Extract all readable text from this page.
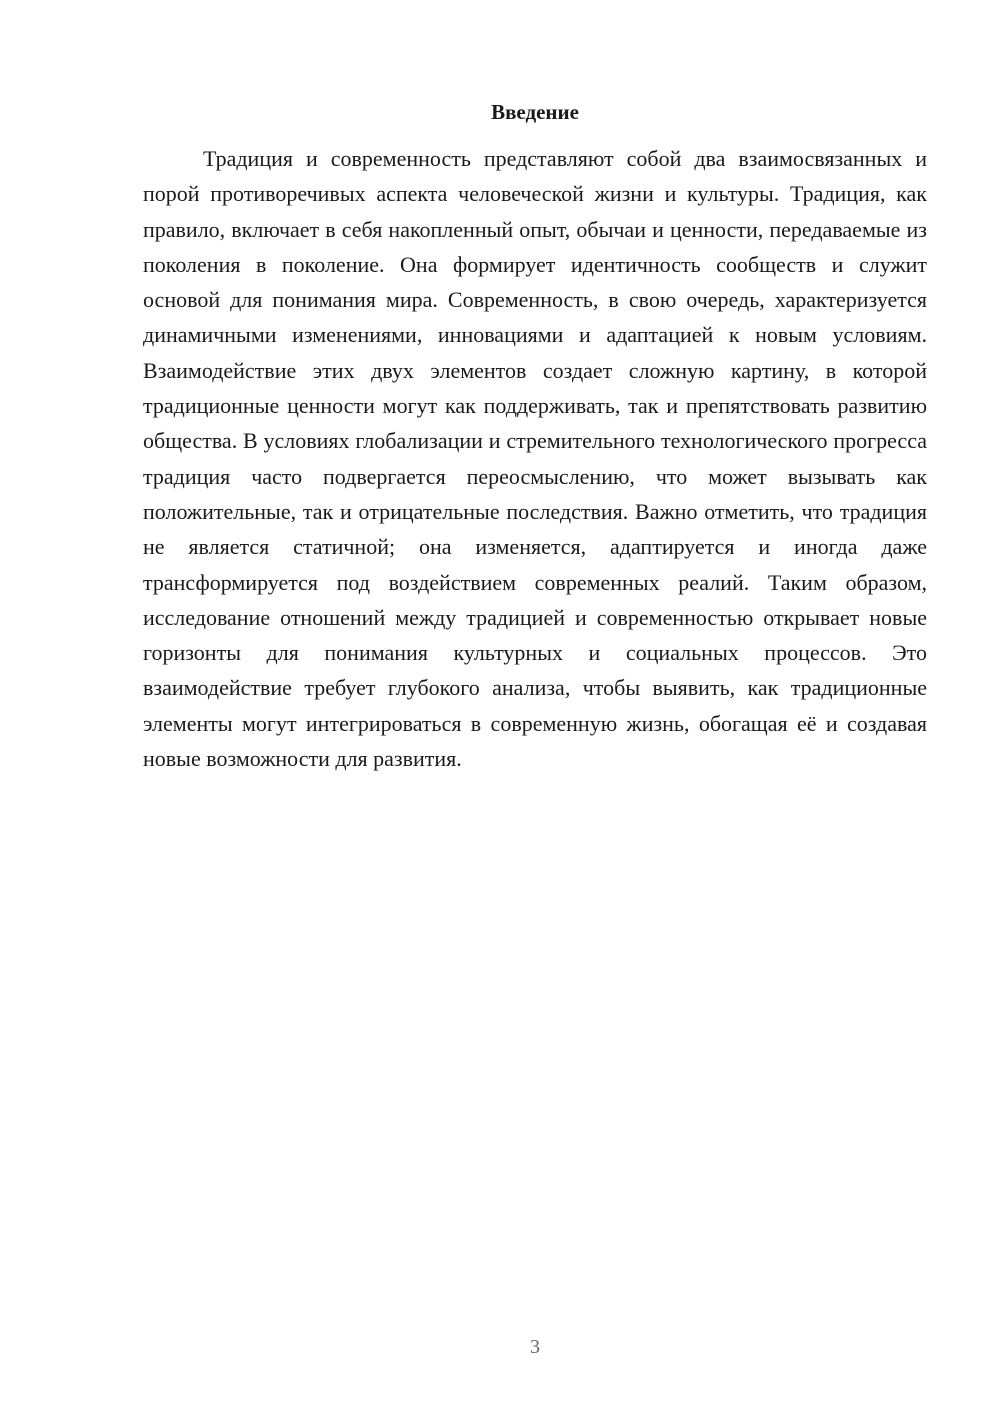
Введение

Традиция и современность представляют собой два взаимосвязанных и порой противоречивых аспекта человеческой жизни и культуры. Традиция, как правило, включает в себя накопленный опыт, обычаи и ценности, передаваемые из поколения в поколение. Она формирует идентичность сообществ и служит основой для понимания мира. Современность, в свою очередь, характеризуется динамичными изменениями, инновациями и адаптацией к новым условиям. Взаимодействие этих двух элементов создает сложную картину, в которой традиционные ценности могут как поддерживать, так и препятствовать развитию общества. В условиях глобализации и стремительного технологического прогресса традиция часто подвергается переосмыслению, что может вызывать как положительные, так и отрицательные последствия. Важно отметить, что традиция не является статичной; она изменяется, адаптируется и иногда даже трансформируется под воздействием современных реалий. Таким образом, исследование отношений между традицией и современностью открывает новые горизонты для понимания культурных и социальных процессов. Это взаимодействие требует глубокого анализа, чтобы выявить, как традиционные элементы могут интегрироваться в современную жизнь, обогащая её и создавая новые возможности для развития.

3
